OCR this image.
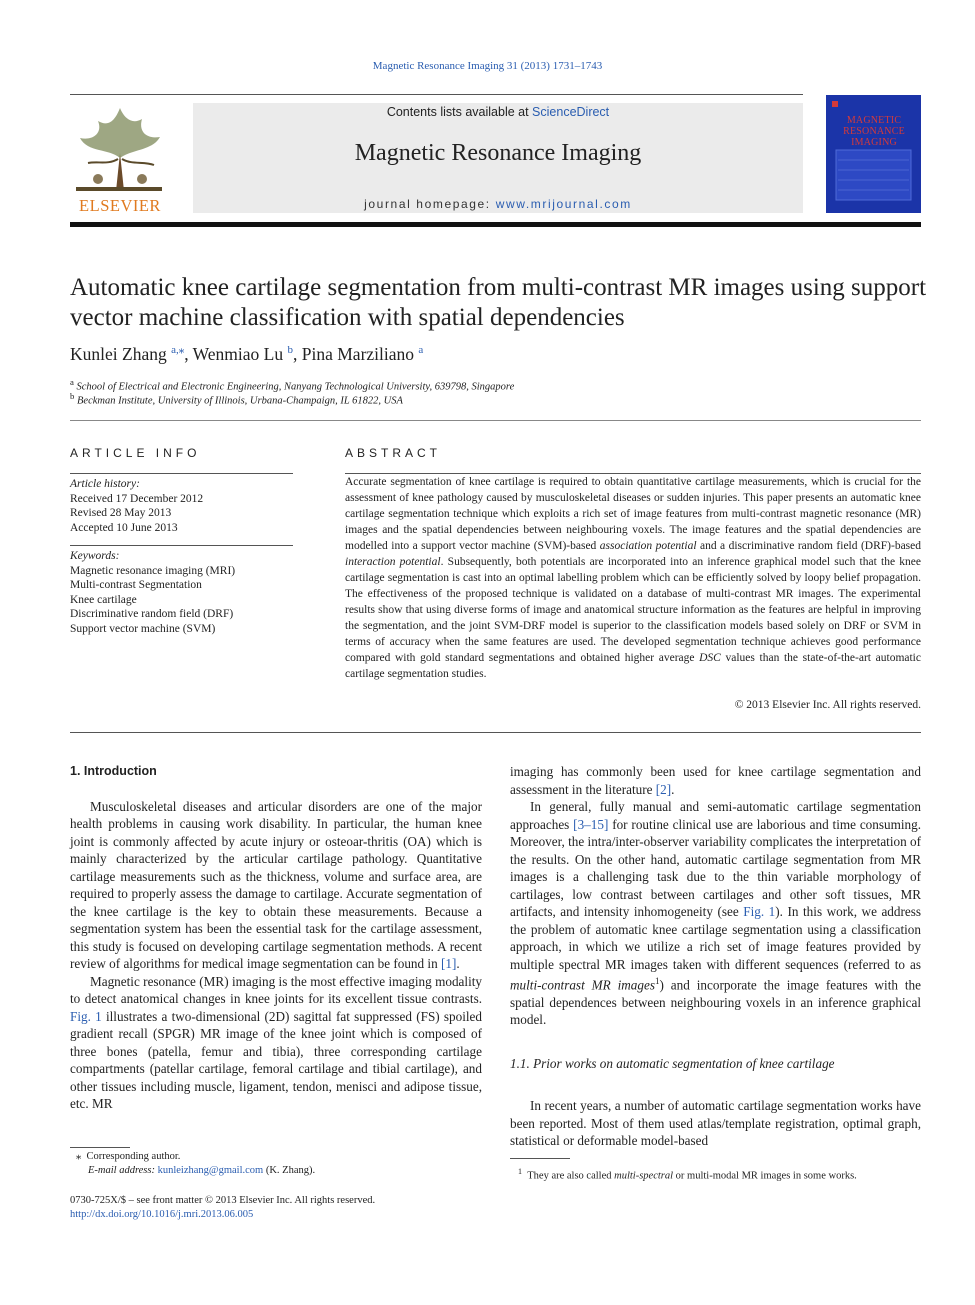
Magnetic Resonance Imaging 31 (2013) 1731–1743
ELSEVIER
Contents lists available at ScienceDirect
Magnetic Resonance Imaging
journal homepage: www.mrijournal.com
MAGNETIC RESONANCE IMAGING
Automatic knee cartilage segmentation from multi-contrast MR images using support vector machine classification with spatial dependencies
Kunlei Zhang $^{a,⁎}$, Wenmiao Lu $^b$, Pina Marziliano $^a$
$^a$ School of Electrical and Electronic Engineering, Nanyang Technological University, 639798, Singapore
$^b$ Beckman Institute, University of Illinois, Urbana-Champaign, IL 61822, USA
ARTICLE INFO
Article history:
Received 17 December 2012
Revised 28 May 2013
Accepted 10 June 2013
Keywords:
Magnetic resonance imaging (MRI)
Multi-contrast Segmentation
Knee cartilage
Discriminative random field (DRF)
Support vector machine (SVM)
ABSTRACT
Accurate segmentation of knee cartilage is required to obtain quantitative cartilage measurements, which is crucial for the assessment of knee pathology caused by musculoskeletal diseases or sudden injuries. This paper presents an automatic knee cartilage segmentation technique which exploits a rich set of image features from multi-contrast magnetic resonance (MR) images and the spatial dependencies between neighbouring voxels. The image features and the spatial dependencies are modelled into a support vector machine (SVM)-based association potential and a discriminative random field (DRF)-based interaction potential. Subsequently, both potentials are incorporated into an inference graphical model such that the knee cartilage segmentation is cast into an optimal labelling problem which can be efficiently solved by loopy belief propagation. The effectiveness of the proposed technique is validated on a database of multi-contrast MR images. The experimental results show that using diverse forms of image and anatomical structure information as the features are helpful in improving the segmentation, and the joint SVM-DRF model is superior to the classification models based solely on DRF or SVM in terms of accuracy when the same features are used. The developed segmentation technique achieves good performance compared with gold standard segmentations and obtained higher average DSC values than the state-of-the-art automatic cartilage segmentation studies.
© 2013 Elsevier Inc. All rights reserved.

1. Introduction

Musculoskeletal diseases and articular disorders are one of the major health problems in causing work disability. In particular, the human knee joint is commonly affected by acute injury or osteoar-thritis (OA) which is mainly characterized by the articular cartilage pathology. Quantitative cartilage measurements such as the thickness, volume and surface area, are required to properly assess the damage to cartilage. Accurate segmentation of the knee cartilage is the key to obtain these measurements. Because a segmentation system has been the essential task for the cartilage assessment, this study is focused on developing cartilage segmentation methods. A recent review of algorithms for medical image segmentation can be found in [1].

Magnetic resonance (MR) imaging is the most effective imaging modality to detect anatomical changes in knee joints for its excellent tissue contrasts. Fig. 1 illustrates a two-dimensional (2D) sagittal fat suppressed (FS) spoiled gradient recall (SPGR) MR image of the knee joint which is composed of three bones (patella, femur and tibia), three corresponding cartilage compartments (patellar cartilage, femoral cartilage and tibial cartilage), and other tissues including muscle, ligament, tendon, menisci and adipose tissue, etc. MR

imaging has commonly been used for knee cartilage segmentation and assessment in the literature [2].

In general, fully manual and semi-automatic cartilage segmentation approaches [3–15] for routine clinical use are laborious and time consuming. Moreover, the intra/inter-observer variability complicates the interpretation of the results. On the other hand, automatic cartilage segmentation from MR images is a challenging task due to the thin variable morphology of cartilages, low contrast between cartilages and other soft tissues, MR artifacts, and intensity inhomogeneity (see Fig. 1). In this work, we address the problem of automatic knee cartilage segmentation using a classification approach, in which we utilize a rich set of image features provided by multiple spectral MR images taken with different sequences (referred to as multi-contrast MR images$^1$) and incorporate the image features with the spatial dependences between neighbouring voxels in an inference graphical model.

1.1. Prior works on automatic segmentation of knee cartilage

In recent years, a number of automatic cartilage segmentation works have been reported. Most of them used atlas/template registration, optimal graph, statistical or deformable model-based

⁎  Corresponding author.
E-mail address: kunleizhang@gmail.com (K. Zhang).	$^1$ They are also called multi-spectral or multi-modal MR images in some works.
0730-725X/$ – see front matter © 2013 Elsevier Inc. All rights reserved.
http://dx.doi.org/10.1016/j.mri.2013.06.005
